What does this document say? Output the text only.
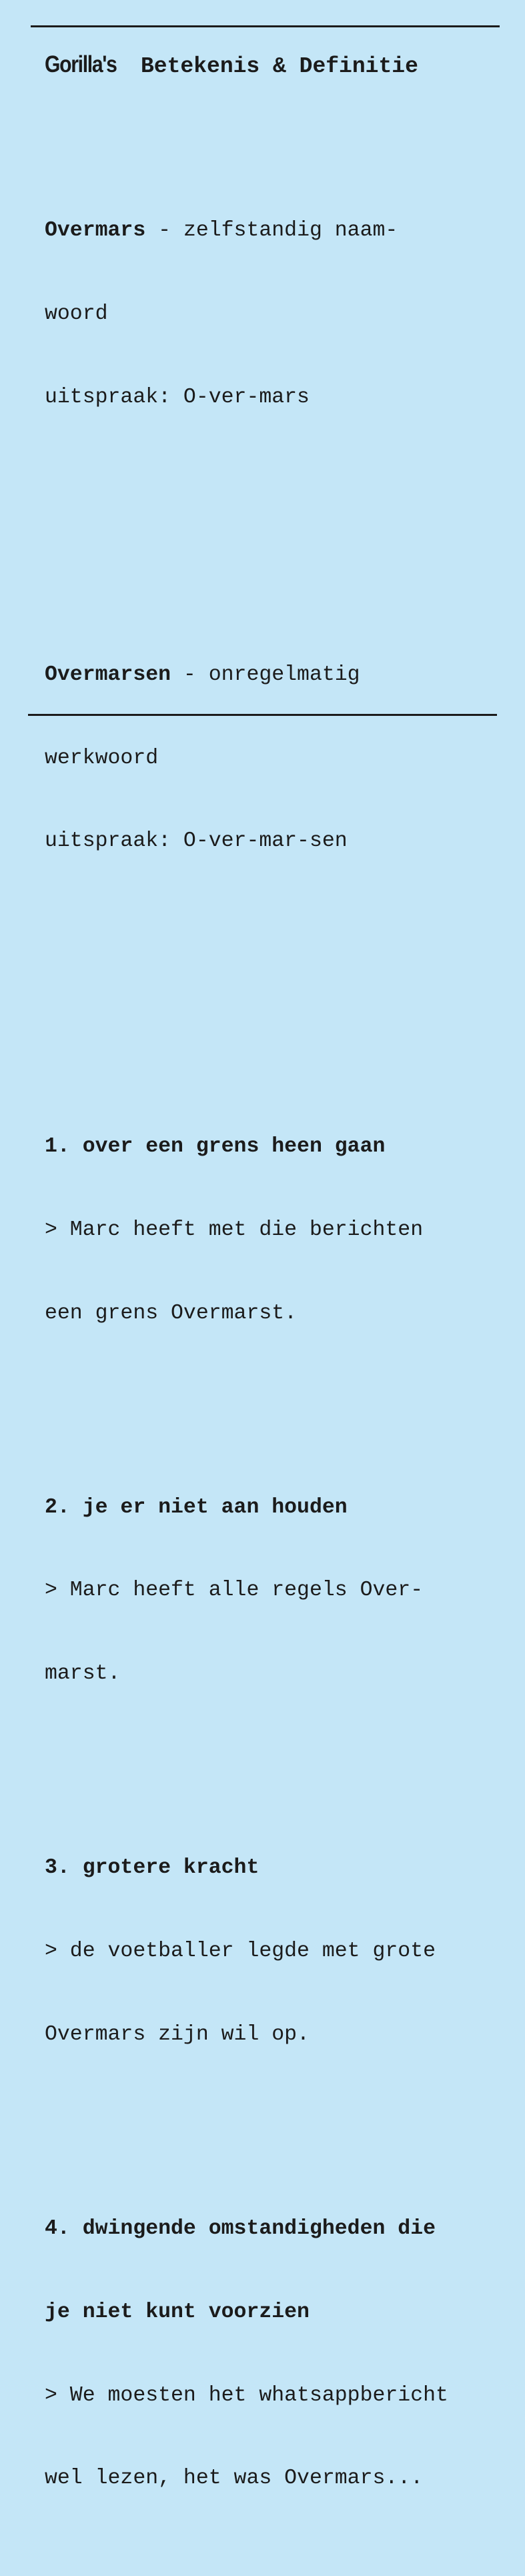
Gorilla's Betekenis & Definitie

Overmars - zelfstandig naam-

woord

uitspraak: O-ver-mars

Overmarsen - onregelmatig

werkwoord

uitspraak: O-ver-mar-sen

1. over een grens heen gaan

> Marc heeft met die berichten

een grens Overmarst.

2. je er niet aan houden

> Marc heeft alle regels Over-

marst.

3. grotere kracht

> de voetballer legde met grote

Overmars zijn wil op.

4. dwingende omstandigheden die

je niet kunt voorzien

> We moesten het whatsappbericht

wel lezen, het was Overmars...
